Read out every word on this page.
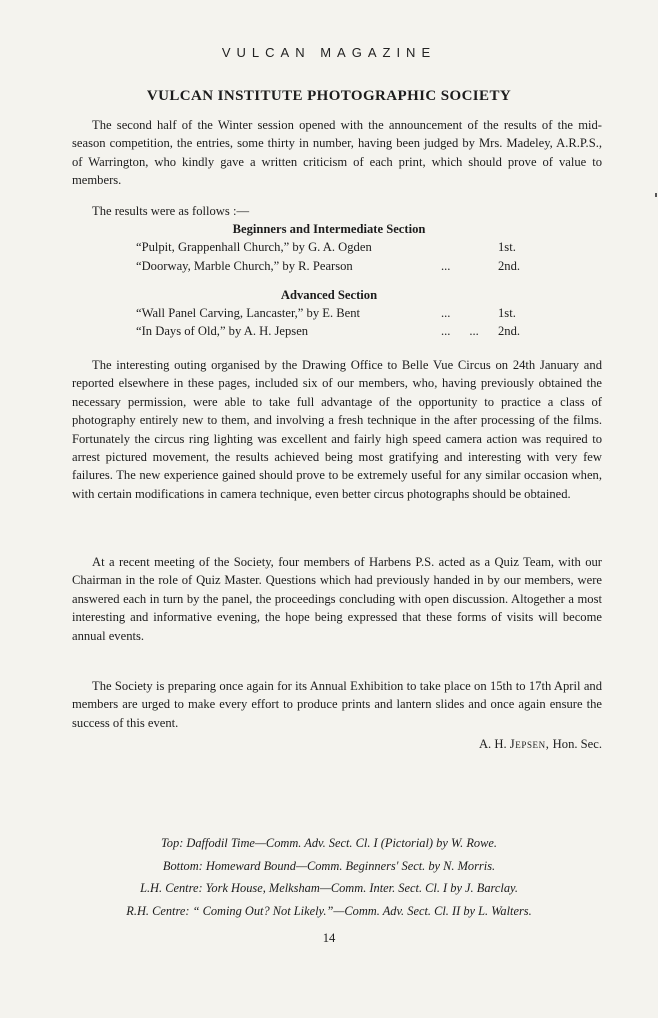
VULCAN MAGAZINE
VULCAN INSTITUTE PHOTOGRAPHIC SOCIETY

The second half of the Winter session opened with the announcement of the results of the mid-season competition, the entries, some thirty in number, having been judged by Mrs. Madeley, A.R.P.S., of Warrington, who kindly gave a written criticism of each print, which should prove of value to members.

The results were as follows :—
Beginners and Intermediate Section
“Pulpit, Grappenhall Church,” by G. A. Ogden	1st.
“Doorway, Marble Church,” by R. Pearson	...	2nd.
Advanced Section
“Wall Panel Carving, Lancaster,” by E. Bent	...	1st.
“In Days of Old,” by A. H. Jepsen	...      ... 2nd.

The interesting outing organised by the Drawing Office to Belle Vue Circus on 24th January and reported elsewhere in these pages, included six of our members, who, having previously obtained the necessary permission, were able to take full advantage of the opportunity to practice a class of photography entirely new to them, and involving a fresh technique in the after processing of the films. Fortunately the circus ring lighting was excellent and fairly high speed camera action was required to arrest pictured movement, the results achieved being most gratifying and interesting with very few failures. The new experience gained should prove to be extremely useful for any similar occasion when, with certain modifications in camera technique, even better circus photographs should be obtained.

At a recent meeting of the Society, four members of Harbens P.S. acted as a Quiz Team, with our Chairman in the role of Quiz Master. Questions which had previously handed in by our members, were answered each in turn by the panel, the proceedings concluding with open discussion. Altogether a most interesting and informative evening, the hope being expressed that these forms of visits will become annual events.

The Society is preparing once again for its Annual Exhibition to take place on 15th to 17th April and members are urged to make every effort to produce prints and lantern slides and once again ensure the success of this event.

A. H. Jepsen, Hon. Sec.
Top: Daffodil Time—Comm. Adv. Sect. Cl. I (Pictorial) by W. Rowe.
Bottom: Homeward Bound—Comm. Beginners' Sect. by N. Morris.
L.H. Centre: York House, Melksham—Comm. Inter. Sect. Cl. I by J. Barclay.
R.H. Centre: “ Coming Out? Not Likely.”—Comm. Adv. Sect. Cl. II by L. Walters.
14
